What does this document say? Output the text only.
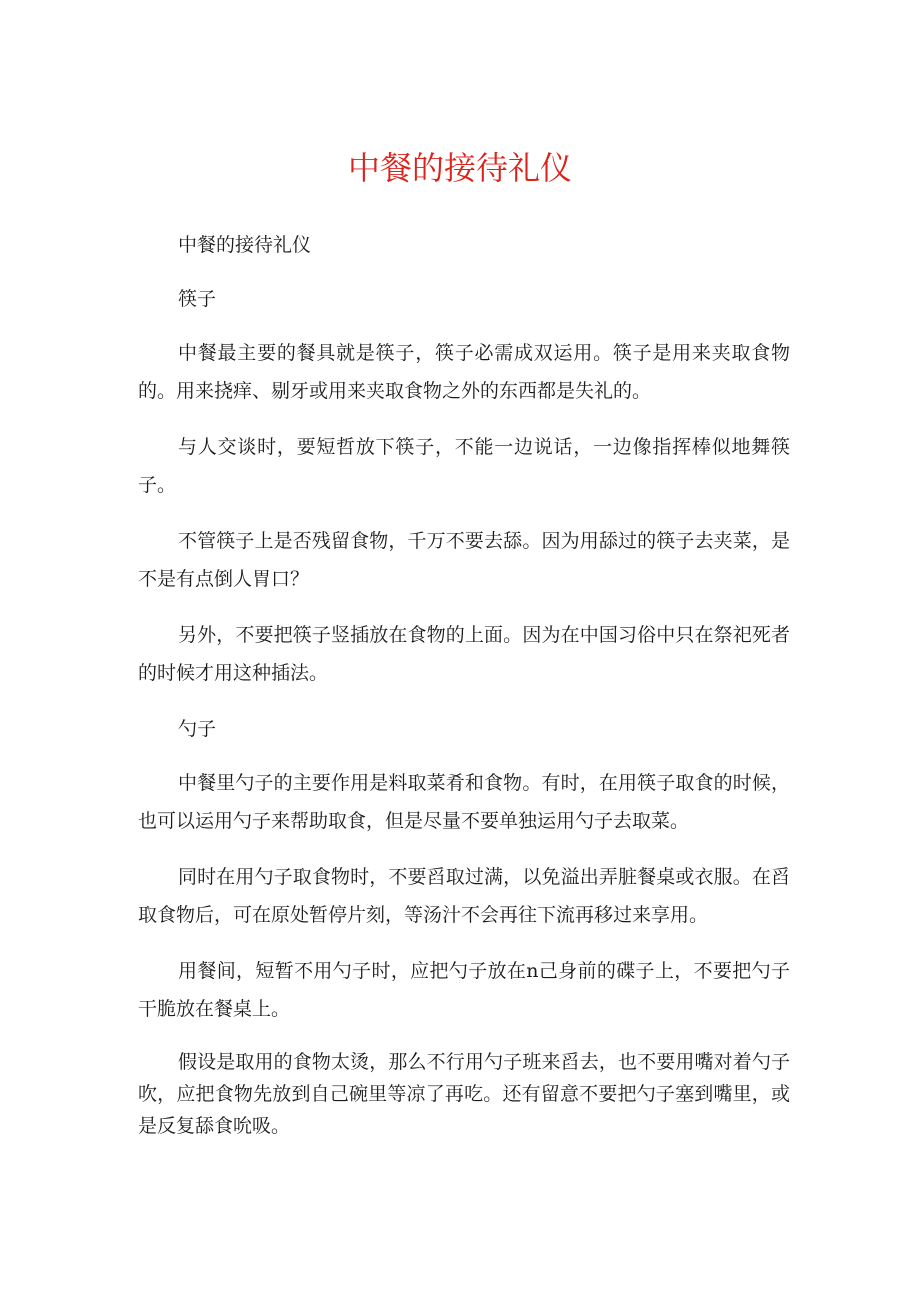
中餐的接待礼仪

中餐的接待礼仪

筷子

中餐最主要的餐具就是筷子，筷子必需成双运用。筷子是用来夹取食物的。用来挠痒、剔牙或用来夹取食物之外的东西都是失礼的。

与人交谈时，要短哲放下筷子，不能一边说话，一边像指挥棒似地舞筷子。

不管筷子上是否残留食物，千万不要去舔。因为用舔过的筷子去夹菜，是不是有点倒人胃口？

另外，不要把筷子竖插放在食物的上面。因为在中国习俗中只在祭祀死者的时候才用这种插法。

勺子

中餐里勺子的主要作用是料取菜肴和食物。有时，在用筷子取食的时候，也可以运用勺子来帮助取食，但是尽量不要单独运用勺子去取菜。

同时在用勺子取食物时，不要舀取过满，以免溢出弄脏餐桌或衣服。在舀取食物后，可在原处暂停片刻，等汤汁不会再往下流再移过来享用。

用餐间，短暂不用勺子时，应把勺子放在n己身前的碟子上，不要把勺子干脆放在餐桌上。

假设是取用的食物太烫，那么不行用勺子班来舀去，也不要用嘴对着勺子吹，应把食物先放到自己碗里等凉了再吃。还有留意不要把勺子塞到嘴里，或是反复舔食吮吸。
